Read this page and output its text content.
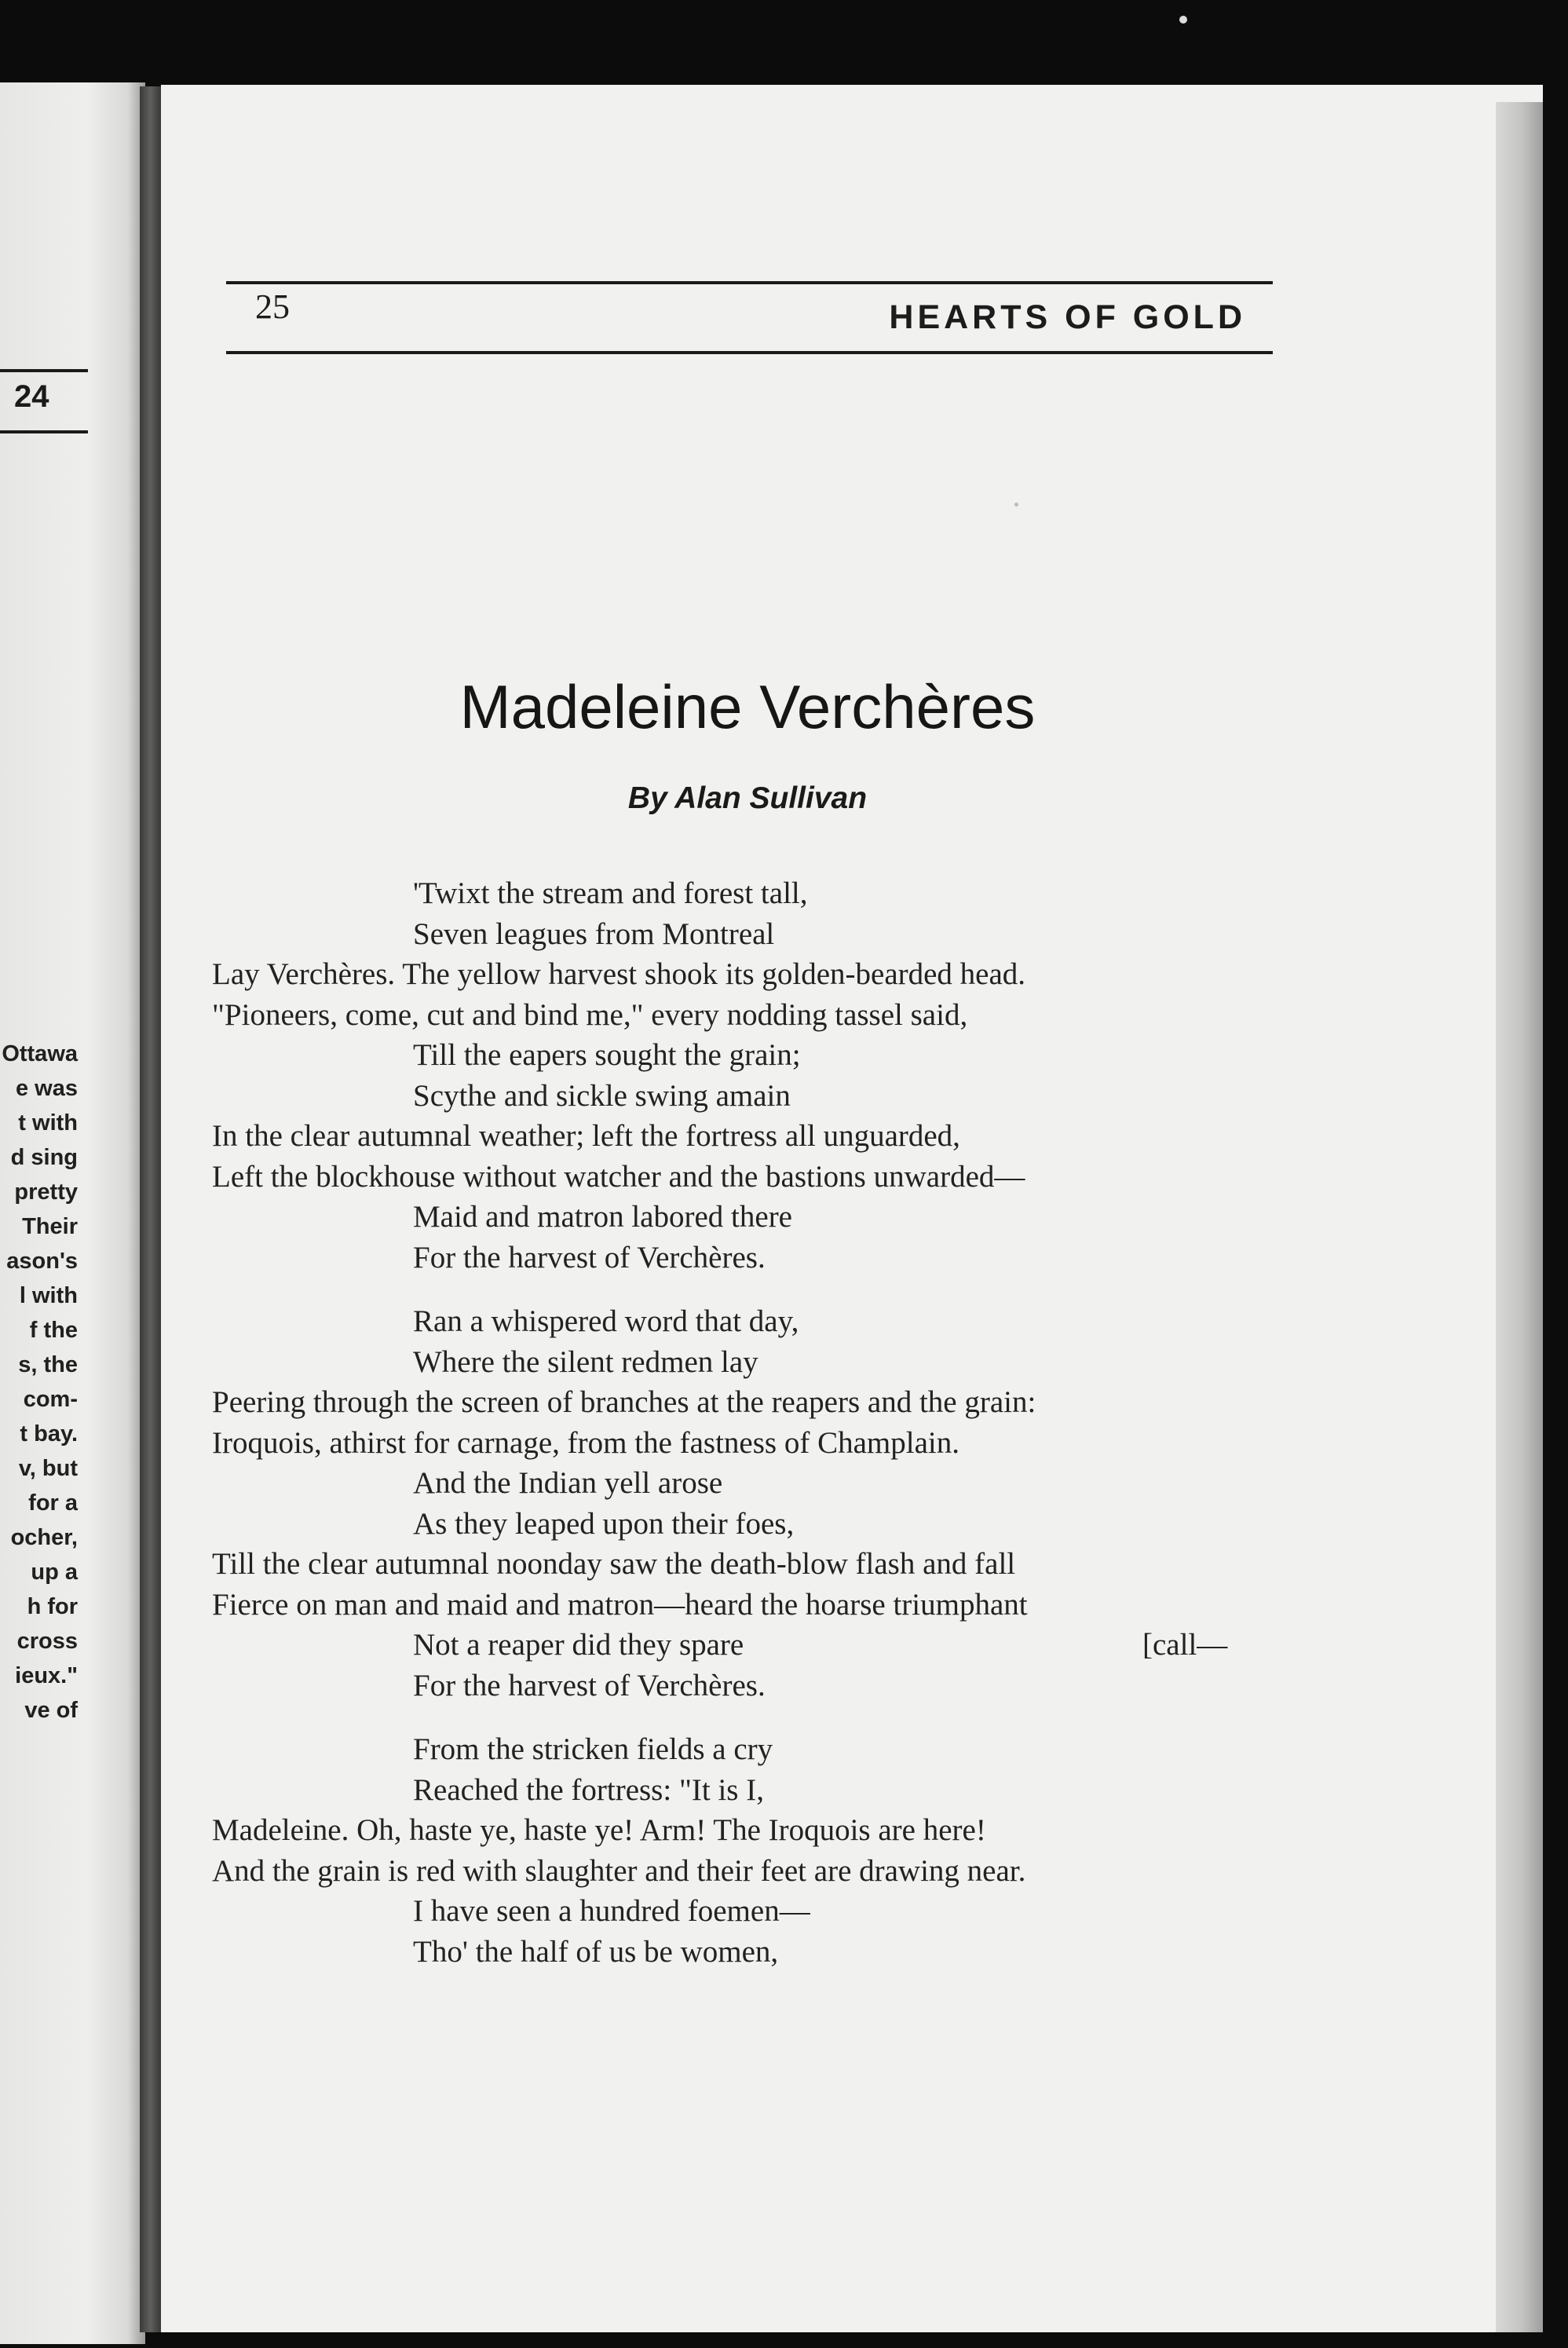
24
Ottawa
e was
t with
d sing
pretty
Their
ason's
l with
f the
s, the
com-
t bay.
v, but
for a
ocher,
up a
h for
cross
ieux."
ve of
25	HEARTS OF GOLD
Madeleine Verchères
By Alan Sullivan
'Twixt the stream and forest tall,
Seven leagues from Montreal
Lay Verchères. The yellow harvest shook its golden-bearded head.
"Pioneers, come, cut and bind me," every nodding tassel said,
Till the eapers sought the grain;
Scythe and sickle swing amain
In the clear autumnal weather; left the fortress all unguarded,
Left the blockhouse without watcher and the bastions unwarded—
Maid and matron labored there
For the harvest of Verchères.
Ran a whispered word that day,
Where the silent redmen lay
Peering through the screen of branches at the reapers and the grain:
Iroquois, athirst for carnage, from the fastness of Champlain.
And the Indian yell arose
As they leaped upon their foes,
Till the clear autumnal noonday saw the death-blow flash and fall
Fierce on man and maid and matron—heard the hoarse triumphant
Not a reaper did they spare	[call—
For the harvest of Verchères.
From the stricken fields a cry
Reached the fortress: "It is I,
Madeleine. Oh, haste ye, haste ye! Arm! The Iroquois are here!
And the grain is red with slaughter and their feet are drawing near.
I have seen a hundred foemen—
Tho' the half of us be women,
